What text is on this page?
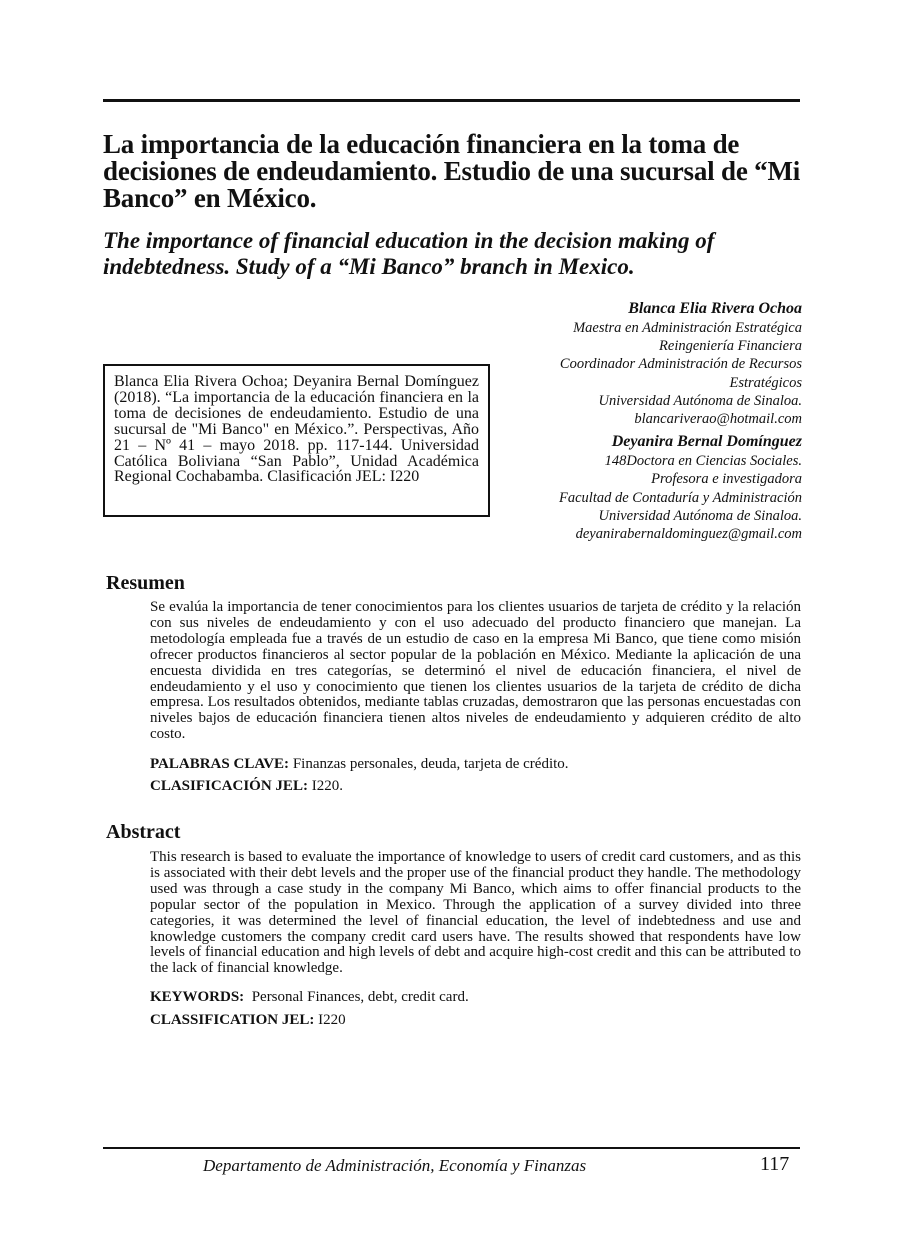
La importancia de la educación financiera en la toma de decisiones de endeudamiento. Estudio de una sucursal de “Mi Banco” en México.
The importance of financial education in the decision making of indebtedness. Study of a “Mi Banco” branch in Mexico.
Blanca Elia Rivera Ochoa
Maestra en Administración Estratégica
Reingeniería Financiera
Coordinador Administración de Recursos
Estratégicos
Universidad Autónoma de Sinaloa.
blancariverao@hotmail.com
Deyanira Bernal Domínguez
148Doctora en Ciencias Sociales.
Profesora e investigadora
Facultad de Contaduría y Administración
Universidad Autónoma de Sinaloa.
deyanirabernaldominguez@gmail.com
Blanca Elia Rivera Ochoa; Deyanira Bernal Domínguez (2018). “La importancia de la educación financiera en la toma de decisiones de endeudamiento. Estudio de una sucursal de "Mi Banco" en México.”. Perspectivas, Año 21 – Nº 41 – mayo 2018. pp. 117-144. Universidad Católica Boliviana “San Pablo”, Unidad Académica Regional Cochabamba. Clasificación JEL: I220
Resumen

Se evalúa la importancia de tener conocimientos para los clientes usuarios de tarjeta de crédito y la relación con sus niveles de endeudamiento y con el uso adecuado del producto financiero que manejan. La metodología empleada fue a través de un estudio de caso en la empresa Mi Banco, que tiene como misión ofrecer productos financieros al sector popular de la población en México. Mediante la aplicación de una encuesta dividida en tres categorías, se determinó el nivel de educación financiera, el nivel de endeudamiento y el uso y conocimiento que tienen los clientes usuarios de la tarjeta de crédito de dicha empresa. Los resultados obtenidos, mediante tablas cruzadas, demostraron que las personas encuestadas con niveles bajos de educación financiera tienen altos niveles de endeudamiento y adquieren crédito de alto costo.

PALABRAS CLAVE: Finanzas personales, deuda, tarjeta de crédito.

CLASIFICACIÓN JEL: I220.

Abstract

This research is based to evaluate the importance of knowledge to users of credit card customers, and as this is associated with their debt levels and the proper use of the financial product they handle. The methodology used was through a case study in the company Mi Banco, which aims to offer financial products to the popular sector of the population in Mexico. Through the application of a survey divided into three categories, it was determined the level of financial education, the level of indebtedness and use and knowledge customers the company credit card users have. The results showed that respondents have low levels of financial education and high levels of debt and acquire high-cost credit and this can be attributed to the lack of financial knowledge.

KEYWORDS: Personal Finances, debt, credit card.

CLASSIFICATION JEL: I220

Departamento de Administración, Economía y Finanzas	117
